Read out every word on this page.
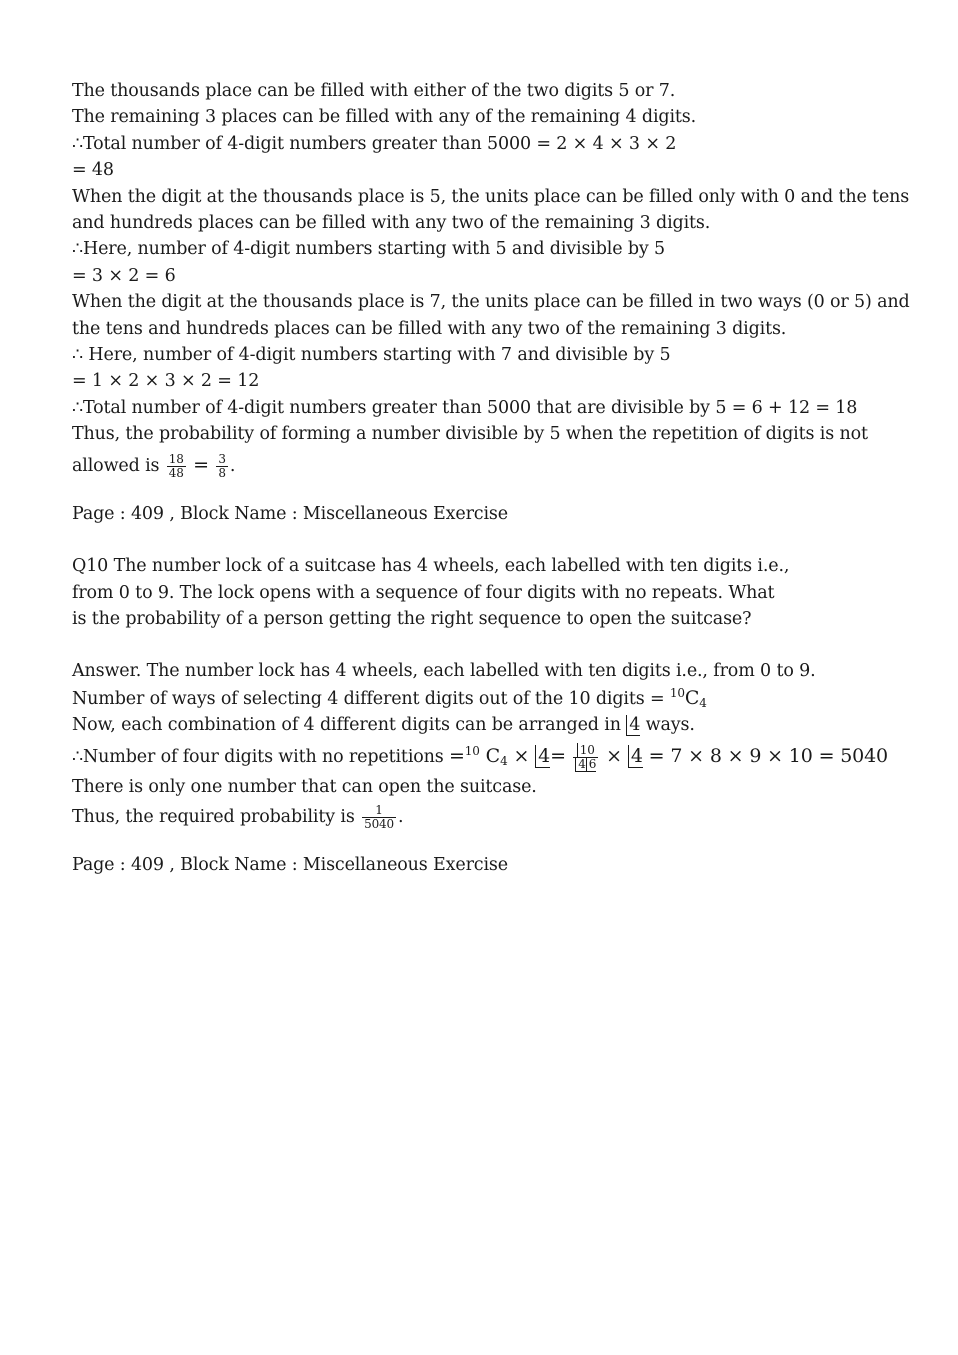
The thousands place can be filled with either of the two digits 5 or 7.
The remaining 3 places can be filled with any of the remaining 4 digits.
∴Total number of 4-digit numbers greater than 5000 = 2 × 4 × 3 × 2
= 48
When the digit at the thousands place is 5, the units place can be filled only with 0 and the tens
and hundreds places can be filled with any two of the remaining 3 digits.
∴Here, number of 4-digit numbers starting with 5 and divisible by 5
= 3 × 2 = 6
When the digit at the thousands place is 7, the units place can be filled in two ways (0 or 5) and
the tens and hundreds places can be filled with any two of the remaining 3 digits.
∴ Here, number of 4-digit numbers starting with 7 and divisible by 5
= 1 × 2 × 3 × 2 = 12
∴Total number of 4-digit numbers greater than 5000 that are divisible by 5 = 6 + 12 = 18
Thus, the probability of forming a number divisible by 5 when the repetition of digits is not
allowed is $\frac{18}{48} = \frac{3}{8}$ .
Page : 409 , Block Name : Miscellaneous Exercise
Q10 The number lock of a suitcase has 4 wheels, each labelled with ten digits i.e.,
from 0 to 9. The lock opens with a sequence of four digits with no repeats. What
is the probability of a person getting the right sequence to open the suitcase?
Answer. The number lock has 4 wheels, each labelled with ten digits i.e., from 0 to 9.
Number of ways of selecting 4 different digits out of the 10 digits = $^{10}C_4$
Now, each combination of 4 different digits can be arranged in 4 ways.
∴Number of four digits with no repetitions =$^{10}$ $C_4 \times 4= \frac{10}{4 6} \times 4 = 7 \times 8 \times 9 \times 10 = 5040$
There is only one number that can open the suitcase.
Thus, the required probability is $\frac{1}{5040}$ .
Page : 409 , Block Name : Miscellaneous Exercise
